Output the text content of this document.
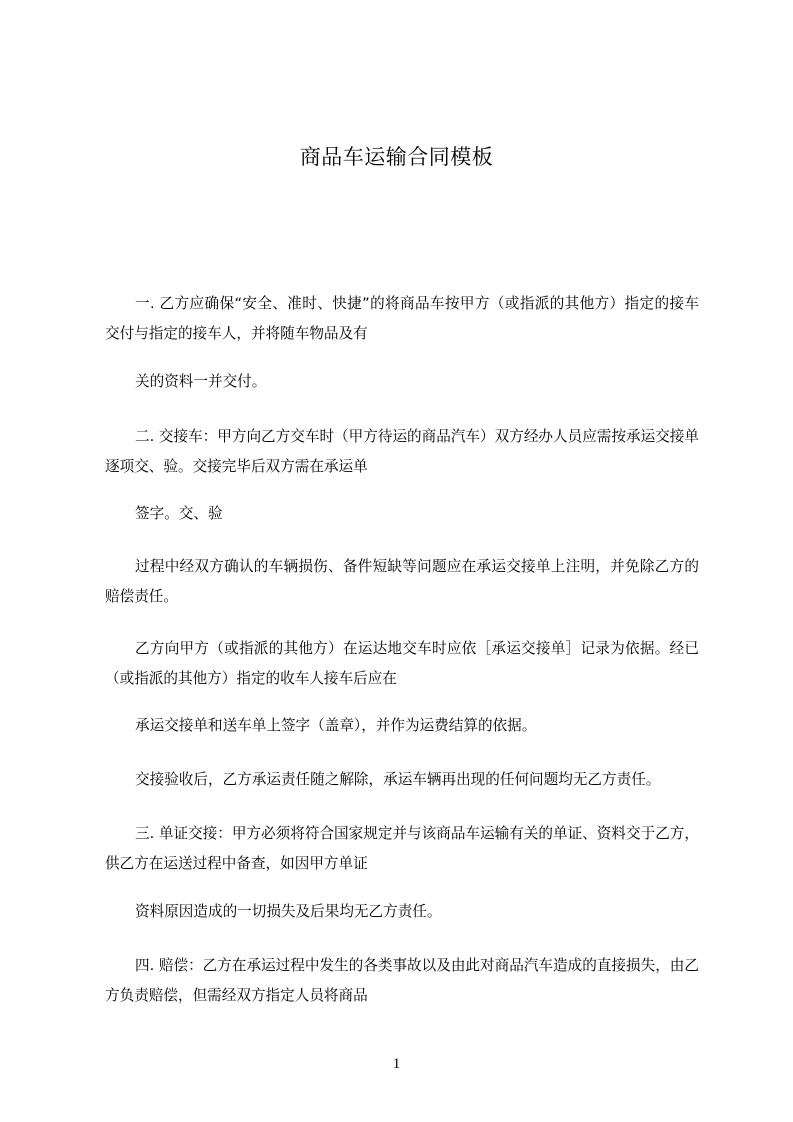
商品车运输合同模板

一. 乙方应确保“安全、准时、快捷”的将商品车按甲方（或指派的其他方）指定的接车交付与指定的接车人，并将随车物品及有

关的资料一并交付。

二. 交接车：甲方向乙方交车时（甲方待运的商品汽车）双方经办人员应需按承运交接单逐项交、验。交接完毕后双方需在承运单

签字。交、验

过程中经双方确认的车辆损伤、备件短缺等问题应在承运交接单上注明，并免除乙方的赔偿责任。

乙方向甲方（或指派的其他方）在运达地交车时应依［承运交接单］记录为依据。经已（或指派的其他方）指定的收车人接车后应在

承运交接单和送车单上签字（盖章），并作为运费结算的依据。

交接验收后，乙方承运责任随之解除，承运车辆再出现的任何问题均无乙方责任。

三. 单证交接：甲方必须将符合国家规定并与该商品车运输有关的单证、资料交于乙方，供乙方在运送过程中备查，如因甲方单证

资料原因造成的一切损失及后果均无乙方责任。

四. 赔偿：乙方在承运过程中发生的各类事故以及由此对商品汽车造成的直接损失，由乙方负责赔偿，但需经双方指定人员将商品

1
